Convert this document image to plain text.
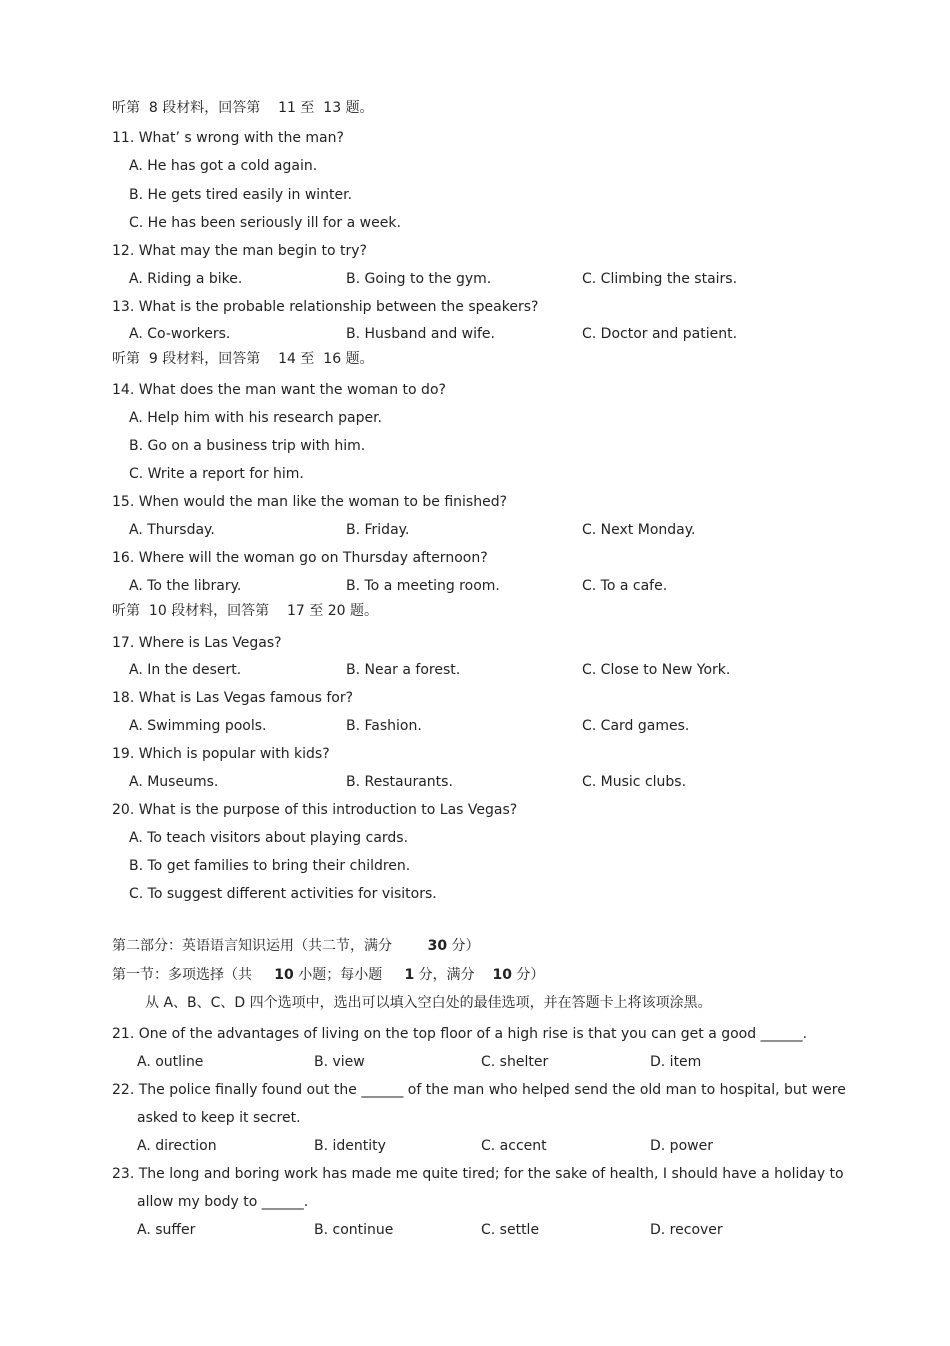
听第 8 段材料，回答第 11 至 13 题。
11. What’ s wrong with the man?
A. He has got a cold again.
B. He gets tired easily in winter.
C. He has been seriously ill for a week.
12. What may the man begin to try?
A. Riding a bike.	B. Going to the gym.	C. Climbing the stairs.
13. What is the probable relationship between the speakers?
A. Co-workers.	B. Husband and wife.	C. Doctor and patient.
听第 9 段材料，回答第 14 至 16 题。
14. What does the man want the woman to do?
A. Help him with his research paper.
B. Go on a business trip with him.
C. Write a report for him.
15. When would the man like the woman to be finished?
A. Thursday.	B. Friday.	C. Next Monday.
16. Where will the woman go on Thursday afternoon?
A. To the library.	B. To a meeting room.	C. To a cafe.
听第 10 段材料，回答第 17 至 20 题。
17. Where is Las Vegas?
A. In the desert.	B. Near a forest.	C. Close to New York.
18. What is Las Vegas famous for?
A. Swimming pools.	B. Fashion.	C. Card games.
19. Which is popular with kids?
A. Museums.	B. Restaurants.	C. Music clubs.
20. What is the purpose of this introduction to Las Vegas?
A. To teach visitors about playing cards.
B. To get families to bring their children.
C. To suggest different activities for visitors.
第二部分：英语语言知识运用（共二节，满分	30 分）
第一节：多项选择（共 10 小题；每小题 1 分，满分 10 分）
从 A、B、C、D 四个选项中，选出可以填入空白处的最佳选项，并在答题卡上将该项涂黑。
21. One of the advantages of living on the top floor of a high rise is that you can get a good ______.
A. outline	B. view	C. shelter	D. item
22. The police finally found out the ______ of the man who helped send the old man to hospital, but were
asked to keep it secret.
A. direction	B. identity	C. accent	D. power
23. The long and boring work has made me quite tired; for the sake of health, I should have a holiday to
allow my body to ______.
A. suffer	B. continue	C. settle	D. recover
